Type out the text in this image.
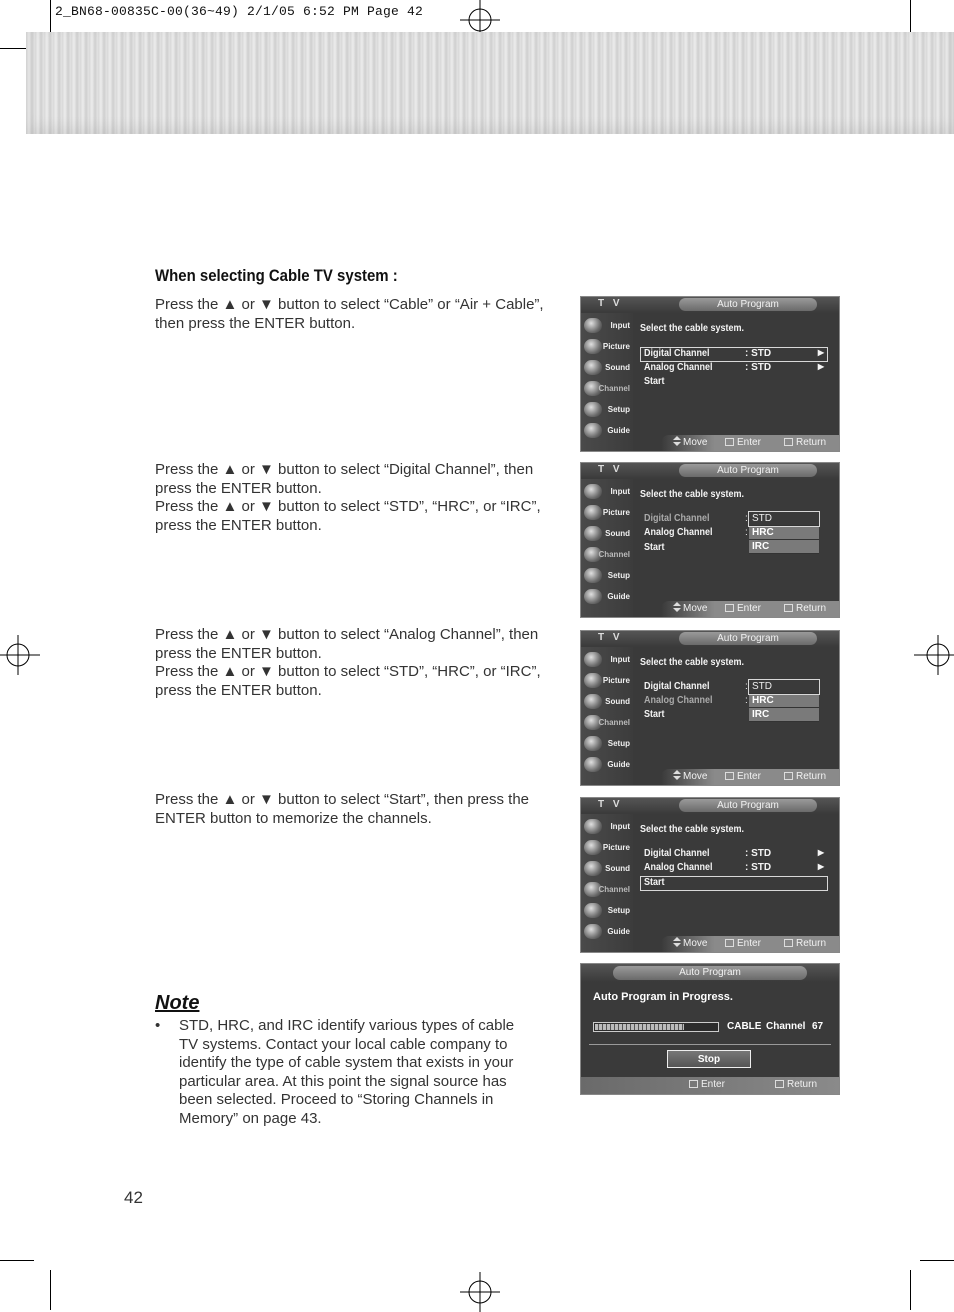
2_BN68-00835C-00(36~49) 2/1/05 6:52 PM Page 42
When selecting Cable TV system :

Press the ▲ or ▼ button to select “Cable” or “Air + Cable”,

then press the ENTER button.

Press the ▲ or ▼ button to select “Digital Channel”, then

press the ENTER button.

Press the ▲ or ▼ button to select “STD”, “HRC”, or “IRC”,

press the ENTER button.

Press the ▲ or ▼ button to select “Analog Channel”, then

press the ENTER button.

Press the ▲ or ▼ button to select “STD”, “HRC”, or “IRC”,

press the ENTER button.

Press the ▲ or ▼ button to select “Start”, then press the

ENTER button to memorize the channels.

T V	Auto Program
Input
Picture
Sound
Channel
Setup
Guide
Select the cable system.
Digital Channel	: STD	▶
Analog Channel	: STD	▶
Start
Move	Enter	Return
T V	Auto Program
Input
Picture
Sound
Channel
Setup
Guide
Select the cable system.
Digital Channel
Analog Channel
Start
:
:
STD
HRC
IRC
Move	Enter	Return
T V	Auto Program
Input
Picture
Sound
Channel
Setup
Guide
Select the cable system.
Digital Channel
Analog Channel
Start
:
:
STD
HRC
IRC
Move	Enter	Return
T V	Auto Program
Input
Picture
Sound
Channel
Setup
Guide
Select the cable system.
Digital Channel	: STD	▶
Analog Channel	: STD	▶
Start
Move	Enter	Return
Auto Program
Auto Program in Progress.
CABLE Channel 67
Stop
Enter	Return
Note
• STD, HRC, and IRC identify various types of cable
TV systems. Contact your local cable company to
identify the type of cable system that exists in your
particular area. At this point the signal source has
been selected. Proceed to “Storing Channels in
Memory” on page 43.
42
